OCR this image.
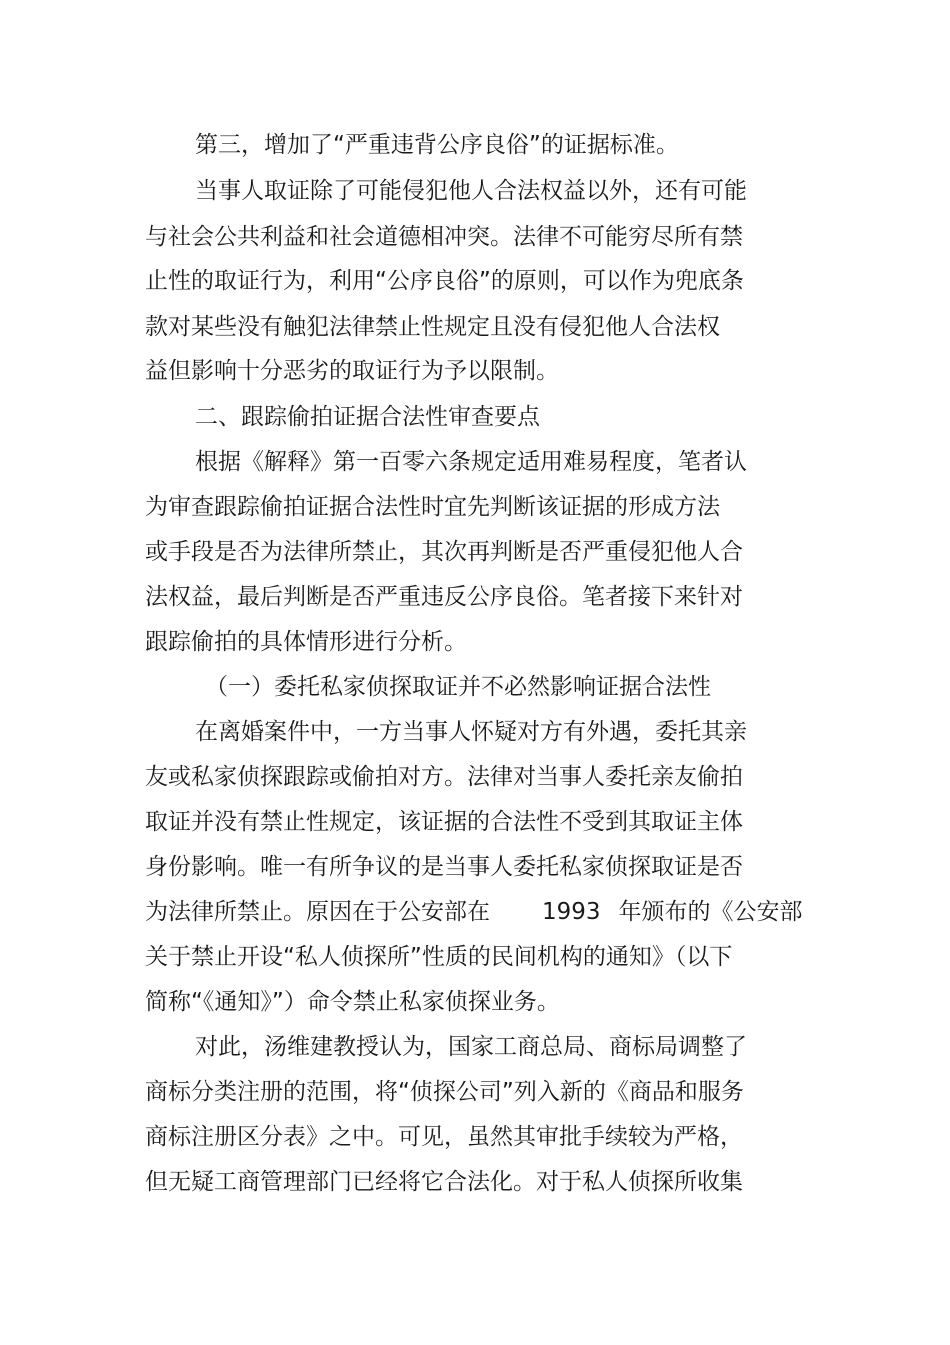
第三，增加了“严重违背公序良俗”的证据标准。
当事人取证除了可能侵犯他人合法权益以外，还有可能
与社会公共利益和社会道德相冲突。法律不可能穷尽所有禁
止性的取证行为，利用“公序良俗”的原则，可以作为兜底条
款对某些没有触犯法律禁止性规定且没有侵犯他人合法权
益但影响十分恶劣的取证行为予以限制。
二、跟踪偷拍证据合法性审查要点
根据《解释》第一百零六条规定适用难易程度，笔者认
为审查跟踪偷拍证据合法性时宜先判断该证据的形成方法
或手段是否为法律所禁止，其次再判断是否严重侵犯他人合
法权益，最后判断是否严重违反公序良俗。笔者接下来针对
跟踪偷拍的具体情形进行分析。
（一）委托私家侦探取证并不必然影响证据合法性
在离婚案件中，一方当事人怀疑对方有外遇，委托其亲
友或私家侦探跟踪或偷拍对方。法律对当事人委托亲友偷拍
取证并没有禁止性规定，该证据的合法性不受到其取证主体
身份影响。唯一有所争议的是当事人委托私家侦探取证是否
为法律所禁止。原因在于公安部在 1993 年颁布的《公安部
关于禁止开设“私人侦探所”性质的民间机构的通知》（以下
简称“《通知》”）命令禁止私家侦探业务。
对此，汤维建教授认为，国家工商总局、商标局调整了
商标分类注册的范围，将“侦探公司”列入新的《商品和服务
商标注册区分表》之中。可见，虽然其审批手续较为严格，
但无疑工商管理部门已经将它合法化。对于私人侦探所收集
